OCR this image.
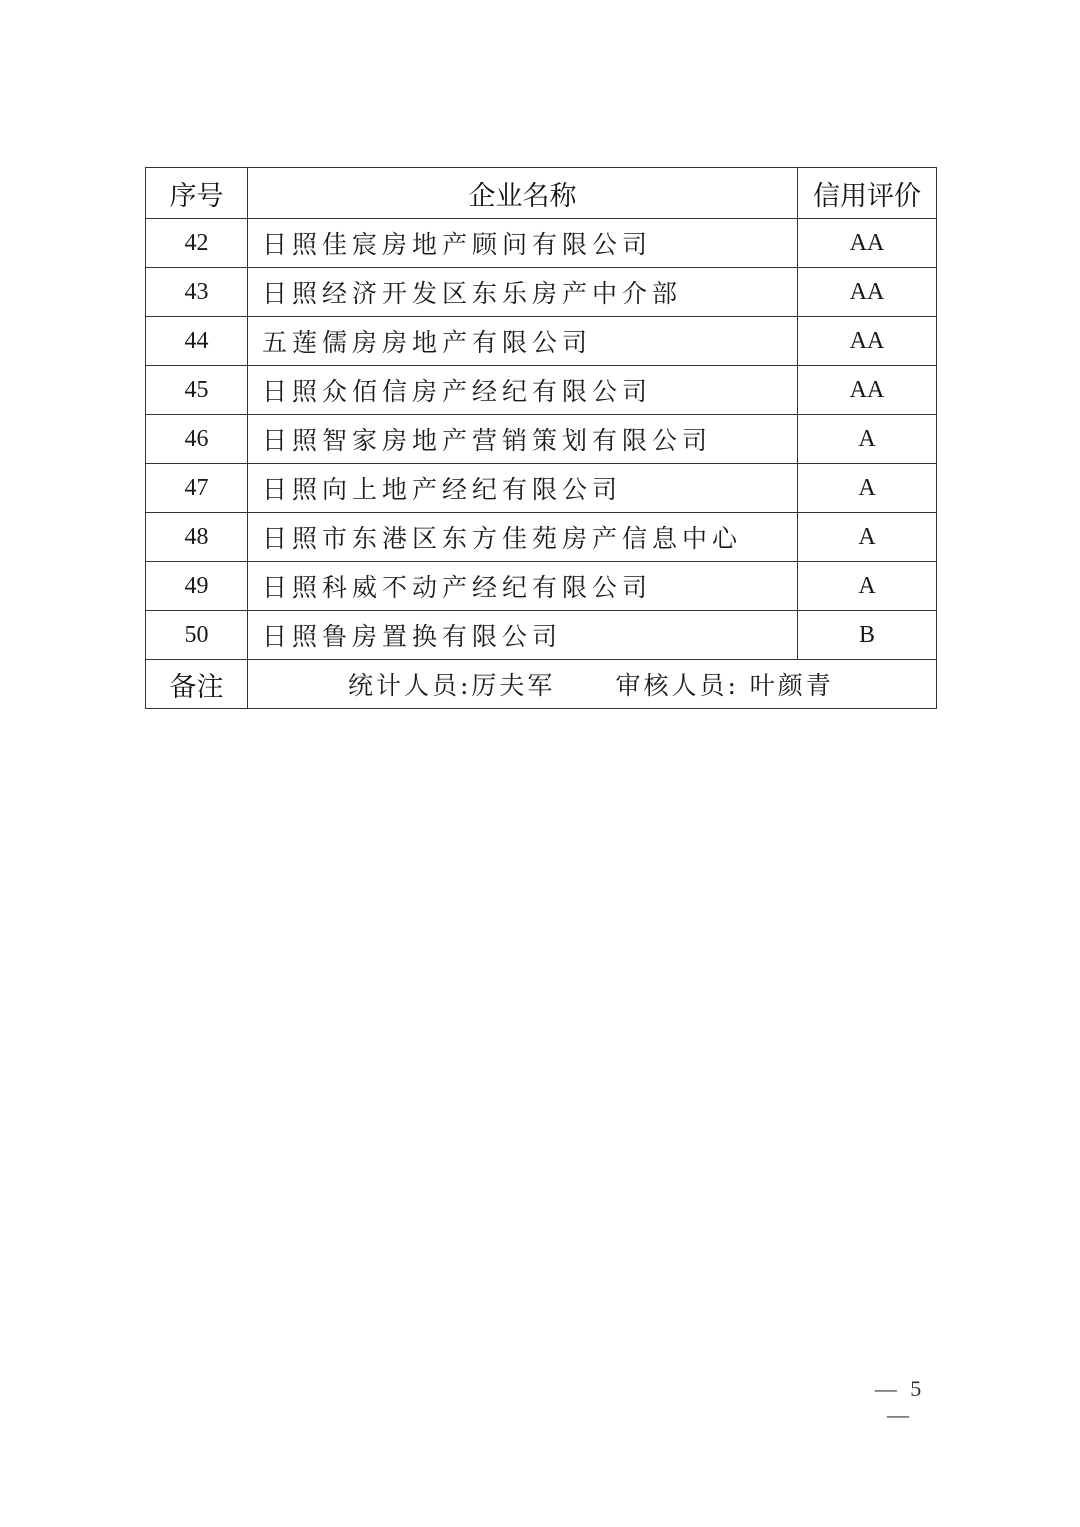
序号	企业名称	信用评价
42	日照佳宸房地产顾问有限公司	AA
43	日照经济开发区东乐房产中介部	AA
44	五莲儒房房地产有限公司	AA
45	日照众佰信房产经纪有限公司	AA
46	日照智家房地产营销策划有限公司	A
47	日照向上地产经纪有限公司	A
48	日照市东港区东方佳苑房产信息中心	A
49	日照科威不动产经纪有限公司	A
50	日照鲁房置换有限公司	B
备注	统计人员:厉夫军 审核人员: 叶颜青	
— 5 —
